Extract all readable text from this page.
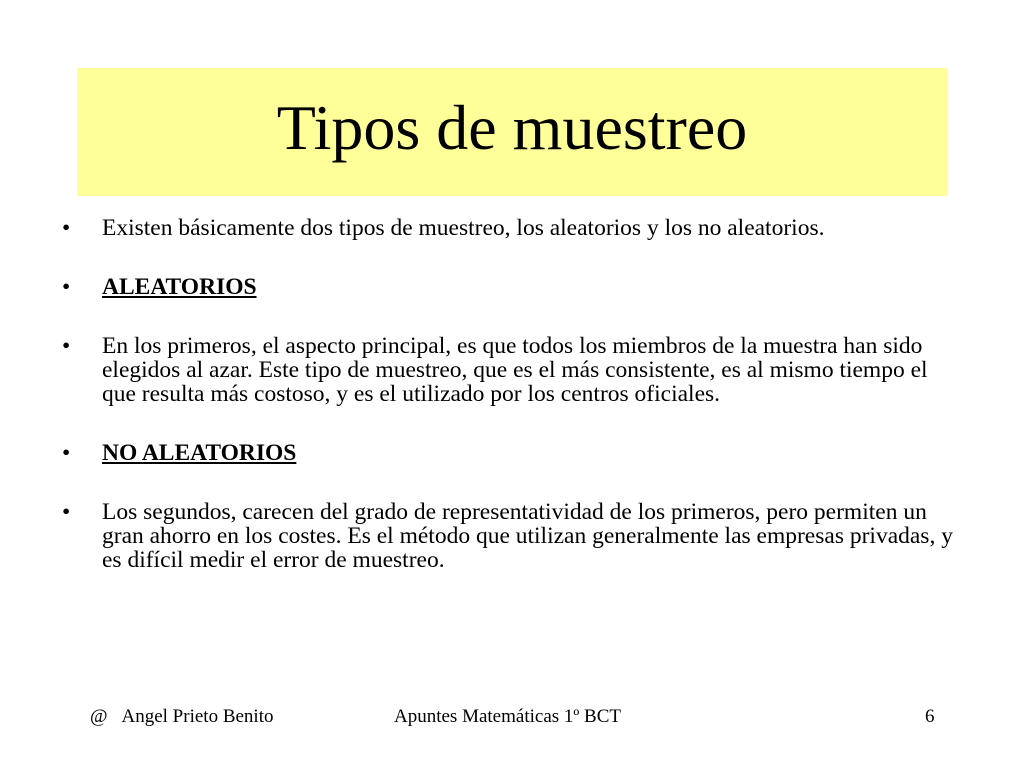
Tipos de muestreo
• Existen básicamente dos tipos de muestreo, los aleatorios y los no aleatorios.
• ALEATORIOS
• En los primeros, el aspecto principal, es que todos los miembros de la muestra han sido elegidos al azar. Este tipo de muestreo, que es el más consistente, es al mismo tiempo el que resulta más costoso, y es el utilizado por los centros oficiales.
• NO ALEATORIOS
• Los segundos, carecen del grado de representatividad de los primeros, pero permiten un gran ahorro en los costes. Es el método que utilizan generalmente las empresas privadas, y es difícil medir el error de muestreo.
@ Angel Prieto Benito	Apuntes Matemáticas 1º BCT	6
